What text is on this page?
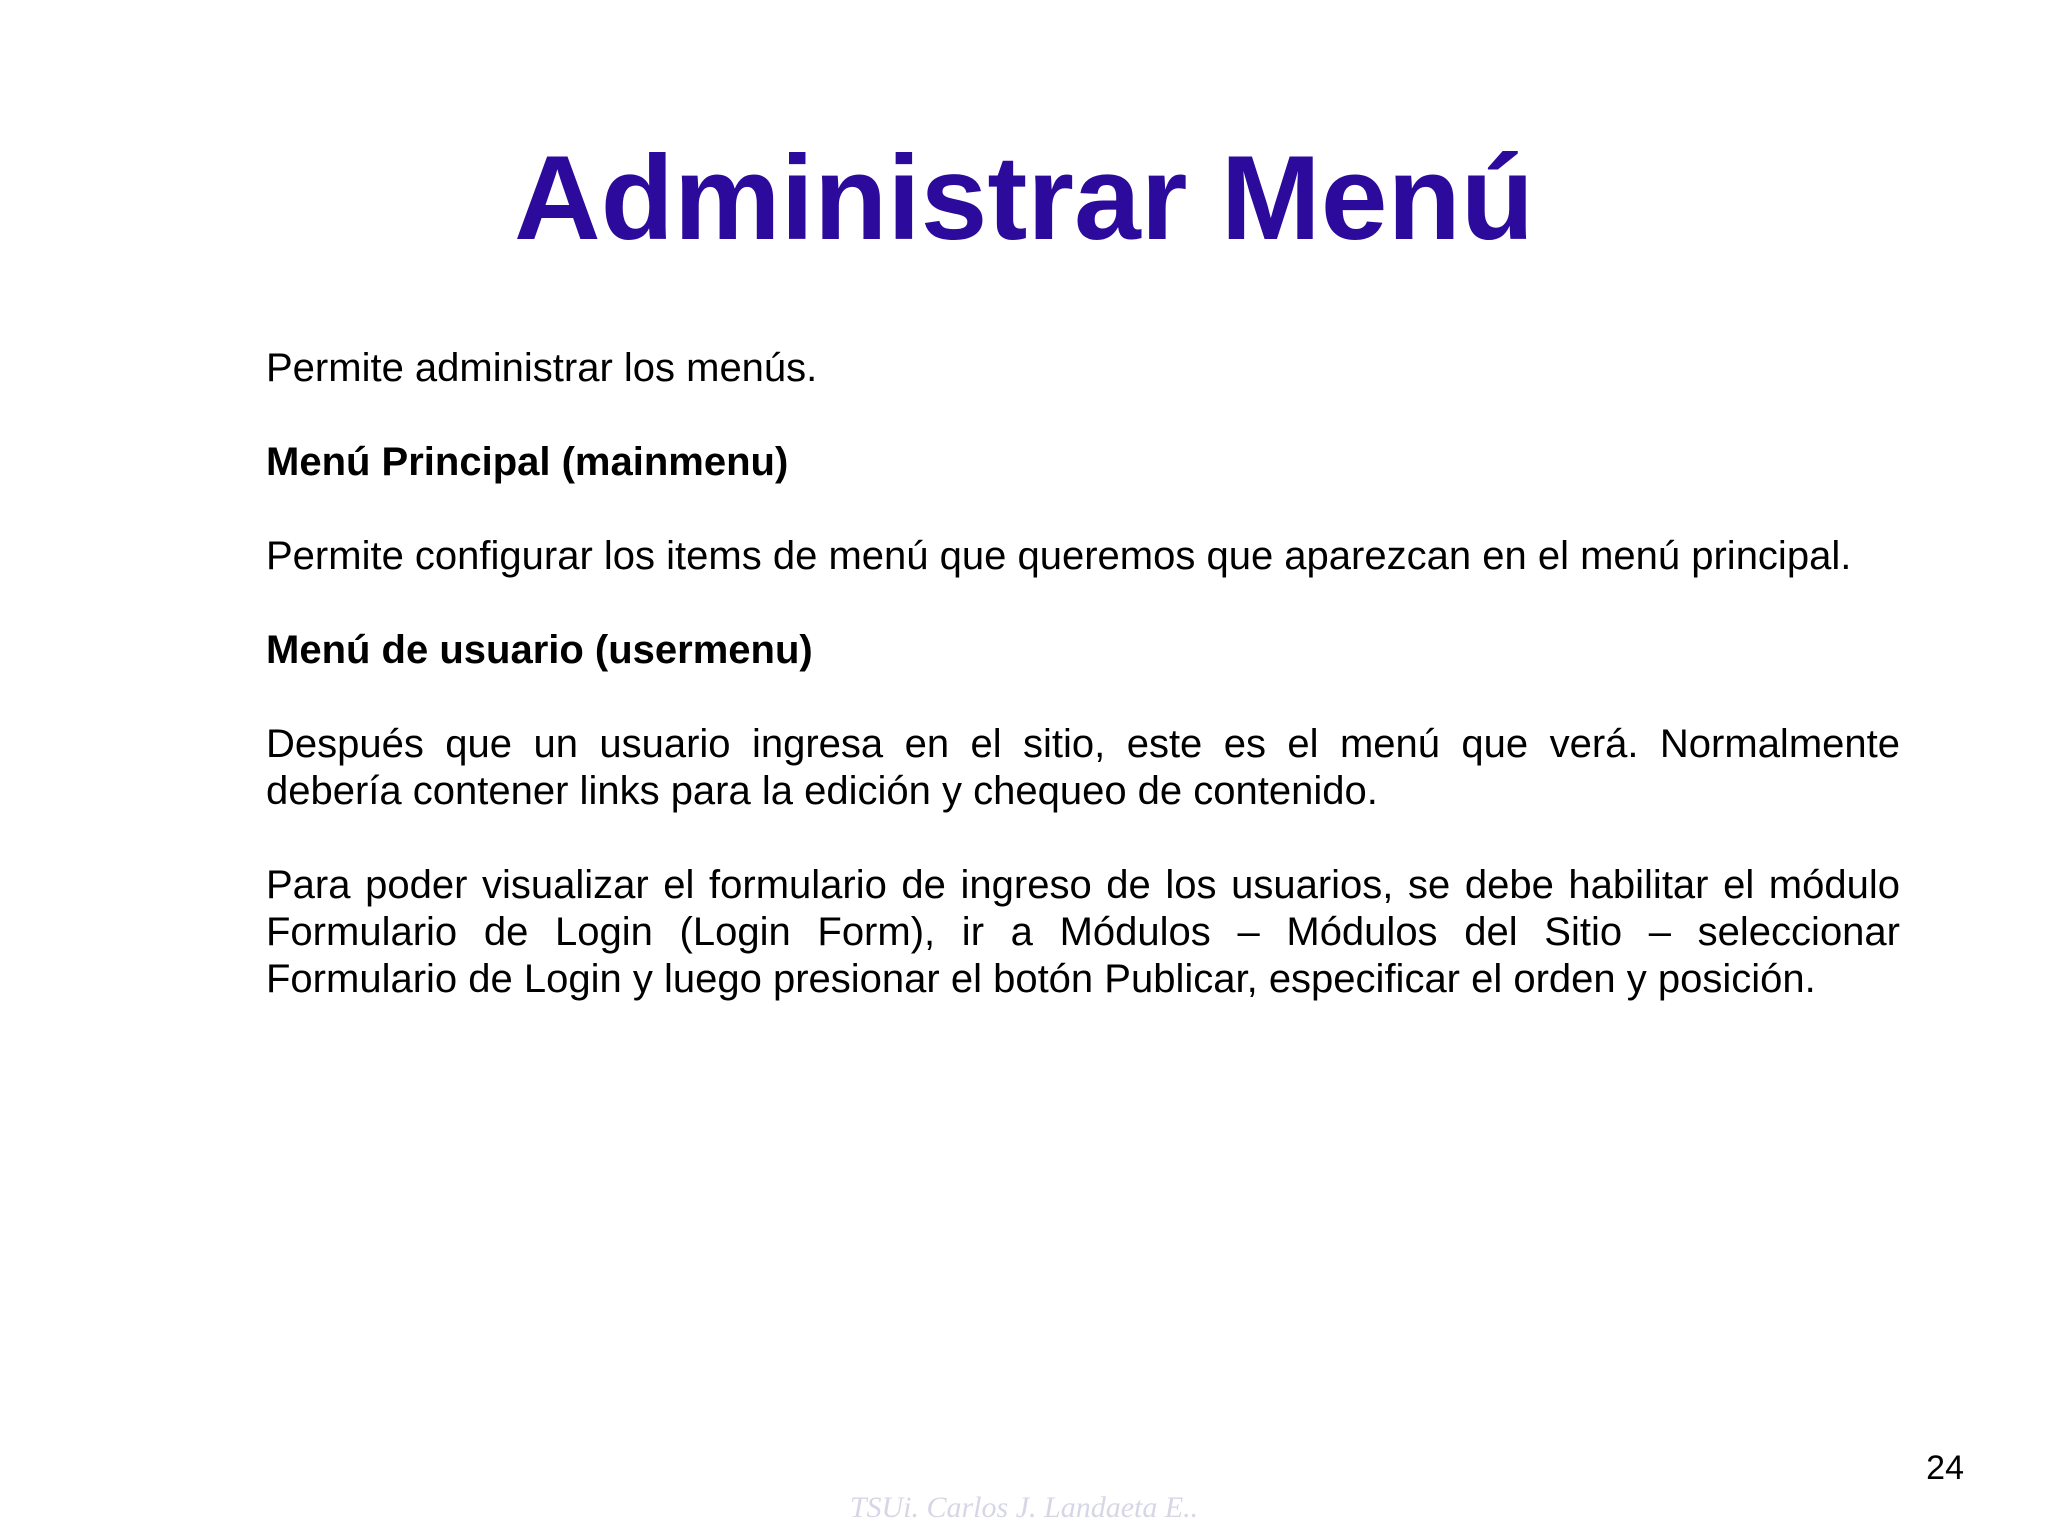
Administrar Menú

Permite administrar los menús.

Menú Principal (mainmenu)

Permite configurar los items de menú que queremos que aparezcan en el menú principal.

Menú de usuario (usermenu)

Después que un usuario ingresa en el sitio, este es el menú que verá. Normalmente debería contener links para la edición y chequeo de contenido.

Para poder visualizar el formulario de ingreso de los usuarios, se debe habilitar el módulo Formulario de Login (Login Form), ir a Módulos – Módulos del Sitio – seleccionar Formulario de Login y luego presionar el botón Publicar, especificar el orden y posición.

24
TSUi. Carlos J. Landaeta E..
